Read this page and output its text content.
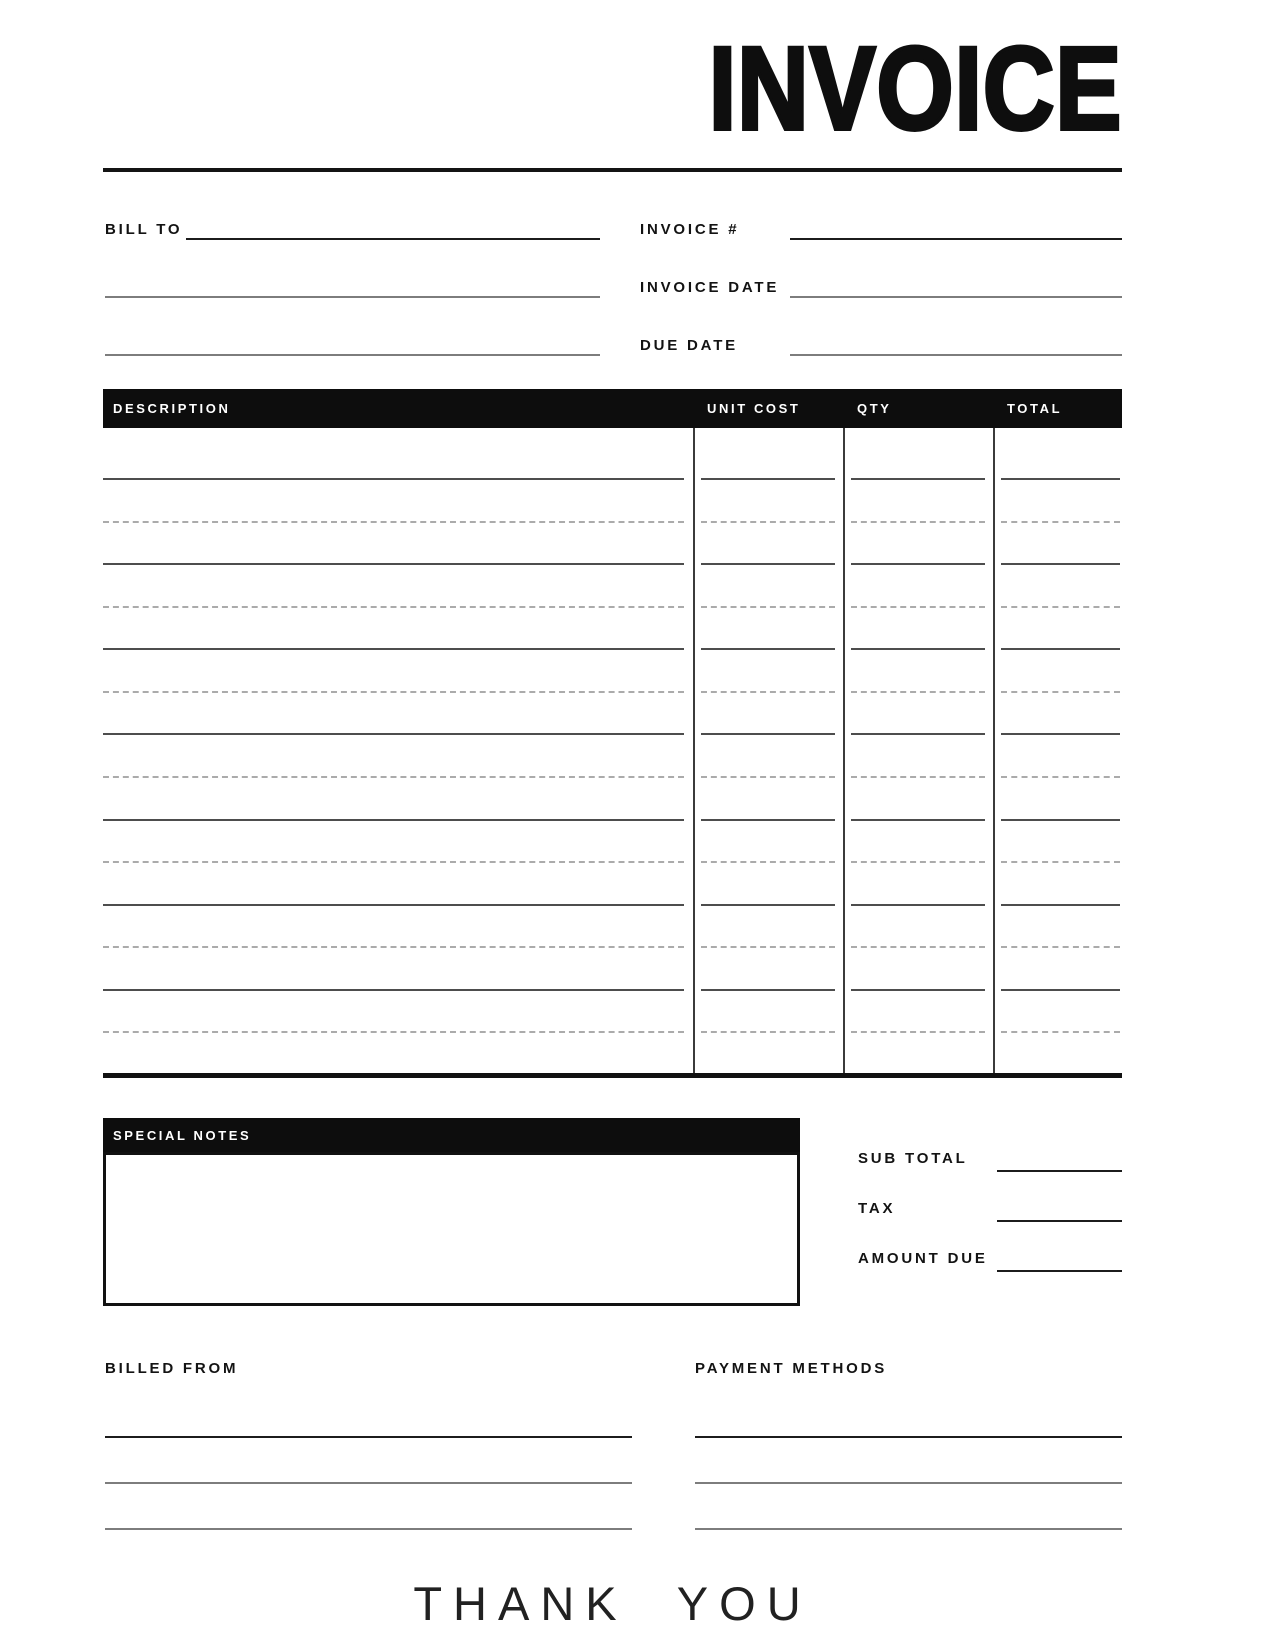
INVOICE
BILL TO	INVOICE #
INVOICE DATE
DUE DATE
DESCRIPTION	UNIT COST	QTY	TOTAL
SPECIAL NOTES
SUB TOTAL
TAX
AMOUNT DUE
BILLED FROM	PAYMENT METHODS
THANK YOU
